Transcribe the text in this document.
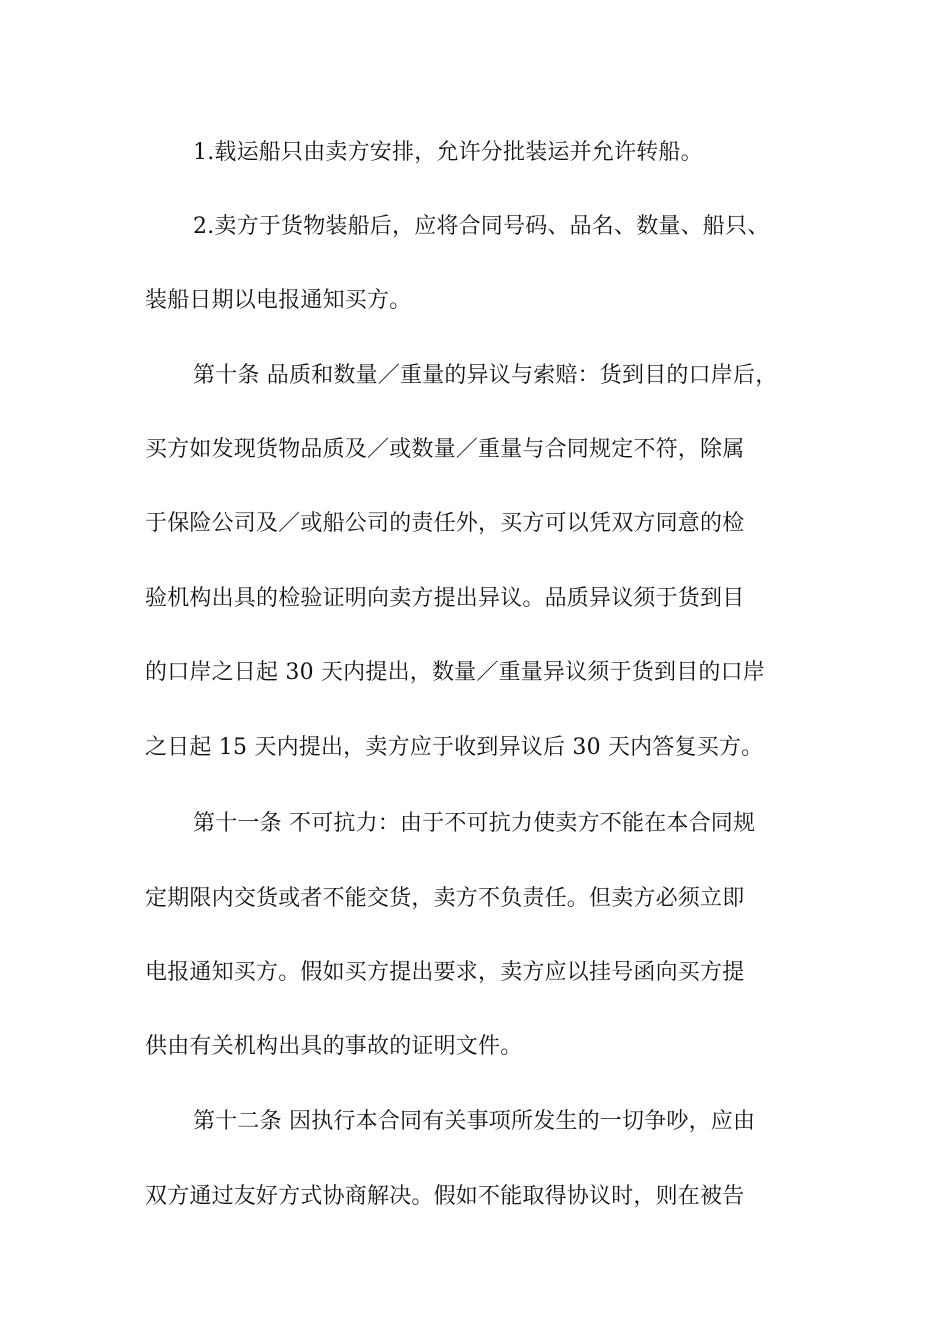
1.载运船只由卖方安排，允许分批装运并允许转船。

2.卖方于货物装船后，应将合同号码、品名、数量、船只、

装船日期以电报通知买方。

第十条 品质和数量／重量的异议与索赔：货到目的口岸后，

买方如发现货物品质及／或数量／重量与合同规定不符，除属

于保险公司及／或船公司的责任外，买方可以凭双方同意的检

验机构出具的检验证明向卖方提出异议。品质异议须于货到目

的口岸之日起 30 天内提出，数量／重量异议须于货到目的口岸

之日起 15 天内提出，卖方应于收到异议后 30 天内答复买方。

第十一条 不可抗力：由于不可抗力使卖方不能在本合同规

定期限内交货或者不能交货，卖方不负责任。但卖方必须立即

电报通知买方。假如买方提出要求，卖方应以挂号函向买方提

供由有关机构出具的事故的证明文件。

第十二条 因执行本合同有关事项所发生的一切争吵，应由

双方通过友好方式协商解决。假如不能取得协议时，则在被告
